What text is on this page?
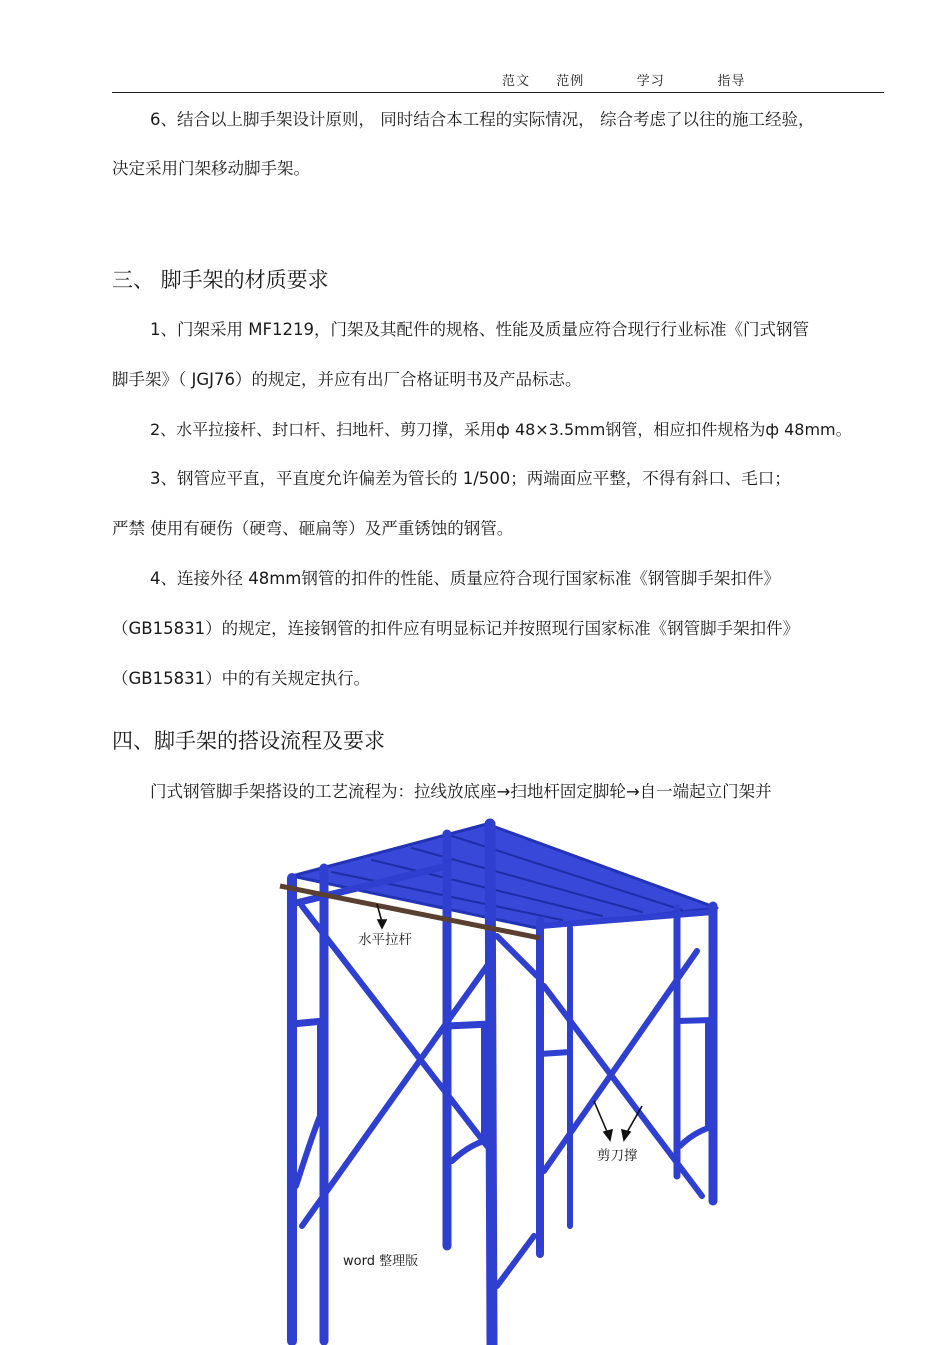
范文  范例    学习    指导
6、结合以上脚手架设计原则， 同时结合本工程的实际情况， 综合考虑了以往的施工经验，
决定采用门架移动脚手架。
三、 脚手架的材质要求
1、门架采用 MF1219，门架及其配件的规格、性能及质量应符合现行行业标准《门式钢管
脚手架》（ JGJ76）的规定，并应有出厂合格证明书及产品标志。
2、水平拉接杆、封口杆、扫地杆、剪刀撑，采用ф 48×3.5mm钢管，相应扣件规格为ф 48mm。
3、钢管应平直，平直度允许偏差为管长的 1/500；两端面应平整，不得有斜口、毛口；
严禁 使用有硬伤（硬弯、砸扁等）及严重锈蚀的钢管。
4、连接外径 48mm钢管的扣件的性能、质量应符合现行国家标准《钢管脚手架扣件》
（GB15831）的规定，连接钢管的扣件应有明显标记并按照现行国家标准《钢管脚手架扣件》
（GB15831）中的有关规定执行。
四、脚手架的搭设流程及要求
门式钢管脚手架搭设的工艺流程为：拉线放底座→扫地杆固定脚轮→自一端起立门架并
水平拉杆
剪刀撑
word 整理版
